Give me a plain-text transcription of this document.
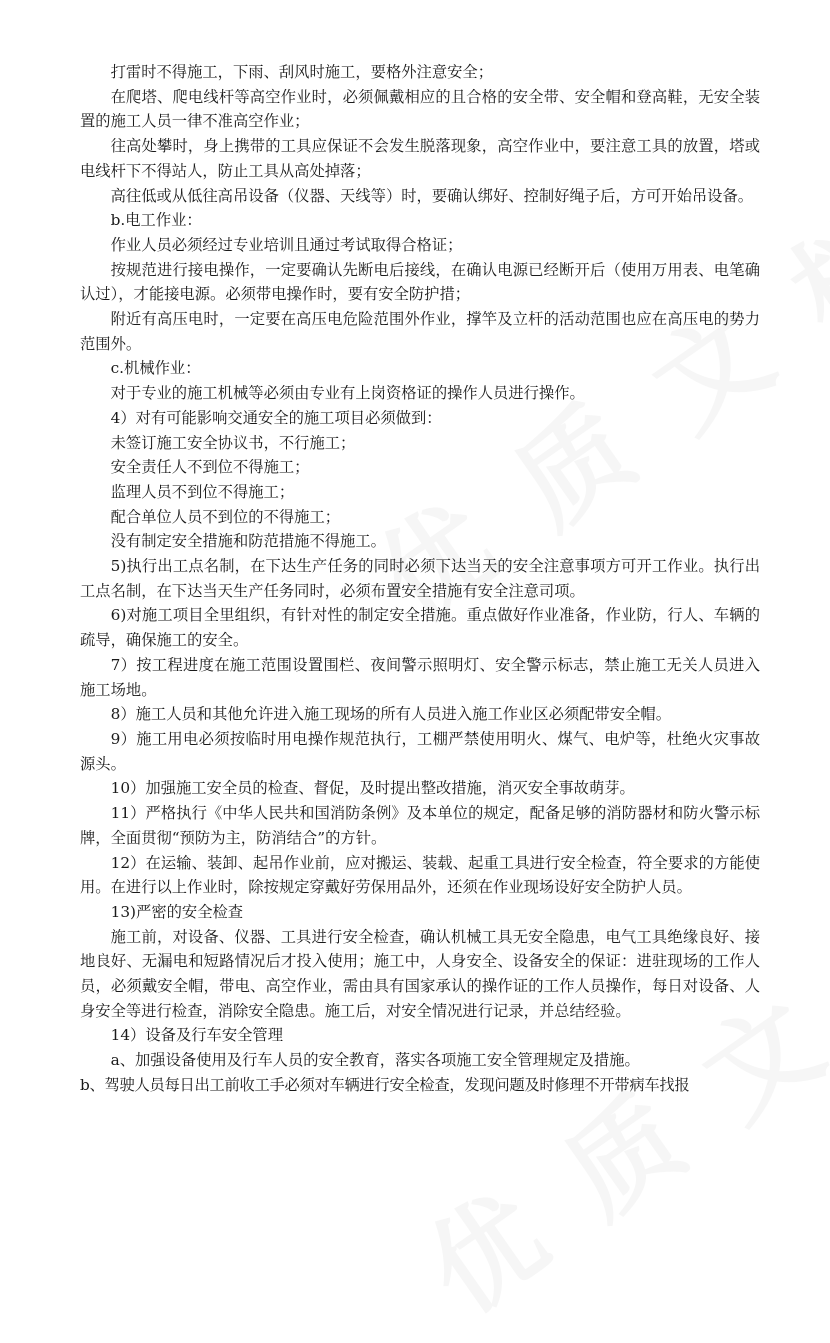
打雷时不得施工，下雨、刮风时施工，要格外注意安全；

在爬塔、爬电线杆等高空作业时，必须佩戴相应的且合格的安全带、安全帽和登高鞋，无安全装置的施工人员一律不准高空作业；

往高处攀时，身上携带的工具应保证不会发生脱落现象，高空作业中，要注意工具的放置，塔或电线杆下不得站人，防止工具从高处掉落；

高往低或从低往高吊设备（仪器、天线等）时，要确认绑好、控制好绳子后，方可开始吊设备。

b.电工作业：

作业人员必须经过专业培训且通过考试取得合格证；

按规范进行接电操作，一定要确认先断电后接线，在确认电源已经断开后（使用万用表、电笔确认过），才能接电源。必须带电操作时，要有安全防护措；

附近有高压电时，一定要在高压电危险范围外作业，撑竿及立杆的活动范围也应在高压电的势力范围外。

c.机械作业：

对于专业的施工机械等必须由专业有上岗资格证的操作人员进行操作。

4）对有可能影响交通安全的施工项目必须做到：

未签订施工安全协议书，不行施工；

安全责任人不到位不得施工；

监理人员不到位不得施工；

配合单位人员不到位的不得施工；

没有制定安全措施和防范措施不得施工。

5)执行出工点名制，在下达生产任务的同时必须下达当天的安全注意事项方可开工作业。执行出工点名制，在下达当天生产任务同时，必须布置安全措施有安全注意司项。

6)对施工项目全里组织，有针对性的制定安全措施。重点做好作业准备，作业防，行人、车辆的疏导，确保施工的安全。

7）按工程进度在施工范围设置围栏、夜间警示照明灯、安全警示标志，禁止施工无关人员进入施工场地。

8）施工人员和其他允许进入施工现场的所有人员进入施工作业区必须配带安全帽。

9）施工用电必须按临时用电操作规范执行，工棚严禁使用明火、煤气、电炉等，杜绝火灾事故源头。

10）加强施工安全员的检查、督促，及时提出整改措施，消灭安全事故萌芽。

11）严格执行《中华人民共和国消防条例》及本单位的规定，配备足够的消防器材和防火警示标牌，全面贯彻“预防为主，防消结合”的方针。

12）在运输、装卸、起吊作业前，应对搬运、装载、起重工具进行安全检查，符全要求的方能使用。在进行以上作业时，除按规定穿戴好劳保用品外，还须在作业现场设好安全防护人员。

13)严密的安全检查

施工前，对设备、仪器、工具进行安全检查，确认机械工具无安全隐患，电气工具绝缘良好、接地良好、无漏电和短路情况后才投入使用；施工中，人身安全、设备安全的保证：进驻现场的工作人员，必须戴安全帽，带电、高空作业，需由具有国家承认的操作证的工作人员操作，每日对设备、人身安全等进行检查，消除安全隐患。施工后，对安全情况进行记录，并总结经验。

14）设备及行车安全管理

a、加强设备使用及行车人员的安全教育，落实各项施工安全管理规定及措施。

b、驾驶人员每日出工前收工手必须对车辆进行安全检查，发现问题及时修理不开带病车找报
